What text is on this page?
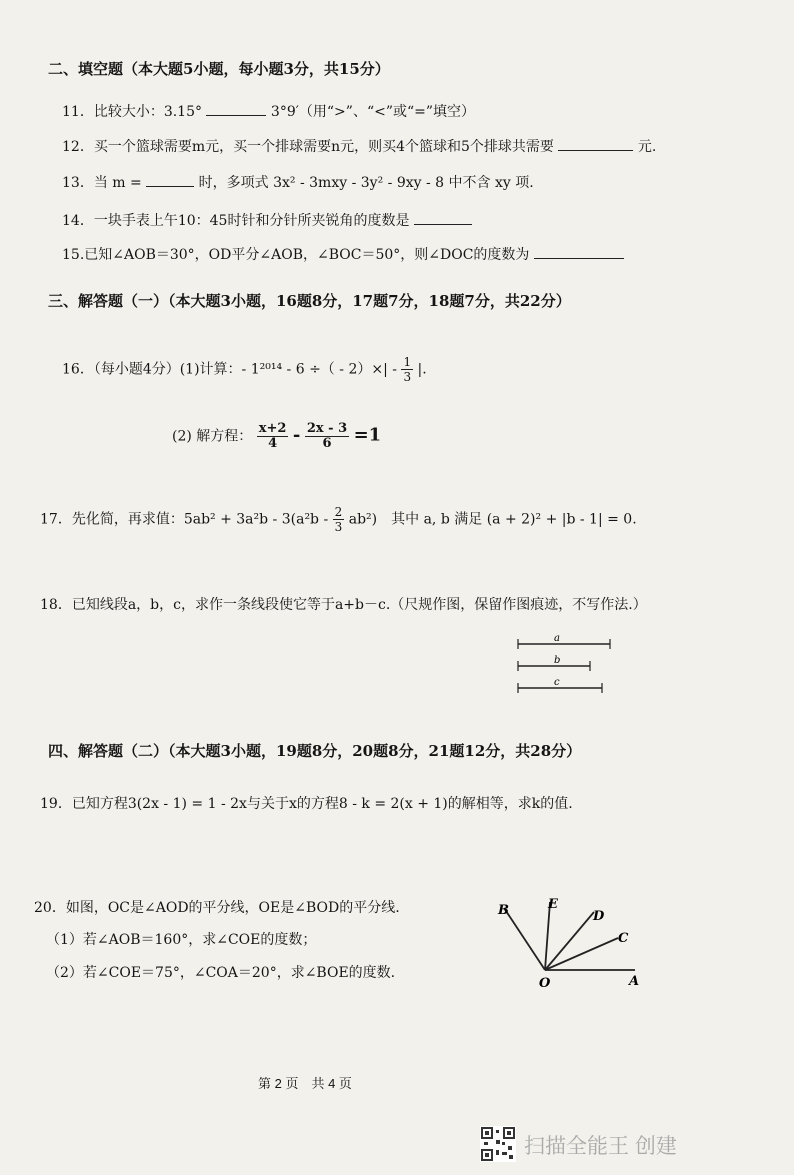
二、填空题（本大题5小题，每小题3分，共15分）
11．比较大小：3.15°	3°9′（用“>”、“<”或“=”填空）
12．买一个篮球需要m元，买一个排球需要n元，则买4个篮球和5个排球共需要	元.
13．当 m =	时，多项式 3x² - 3mxy - 3y² - 9xy - 8 中不含 xy 项.
14．一块手表上午10：45时针和分针所夹锐角的度数是
15.已知∠AOB＝30°，OD平分∠AOB，∠BOC＝50°，则∠DOC的度数为
三、解答题（一）（本大题3小题，16题8分，17题7分，18题7分，共22分）
16．（每小题4分）(1)计算：- 1²⁰¹⁴ - 6 ÷（ - $2)\times| - \frac{1}{3}$ |.
(2) 解方程： $\frac{x+2}{4} - \frac{2x - 3}{6} =1$
17．先化简，再求值：$5ab^2 + 3a^2b - 3(a^2b - \frac{2}{3} ab^2)$　其中 a, b 满足 (a + 2)² + |b - 1| = 0.
18．已知线段a，b，c，求作一条线段使它等于a+b－c.（尺规作图，保留作图痕迹，不写作法.）
a
b
c
四、解答题（二）（本大题3小题，19题8分，20题8分，21题12分，共28分）
19．已知方程3(2x - 1) = 1 - 2x与关于x的方程8 - k = 2(x + 1)的解相等，求k的值.
20．如图，OC是∠AOD的平分线，OE是∠BOD的平分线.
（1）若∠AOB＝160°，求∠COE的度数；
（2）若∠COE＝75°，∠COA＝20°，求∠BOE的度数.
A
B
C
D
E
O
第 2 页　共 4 页
扫描全能王 创建
